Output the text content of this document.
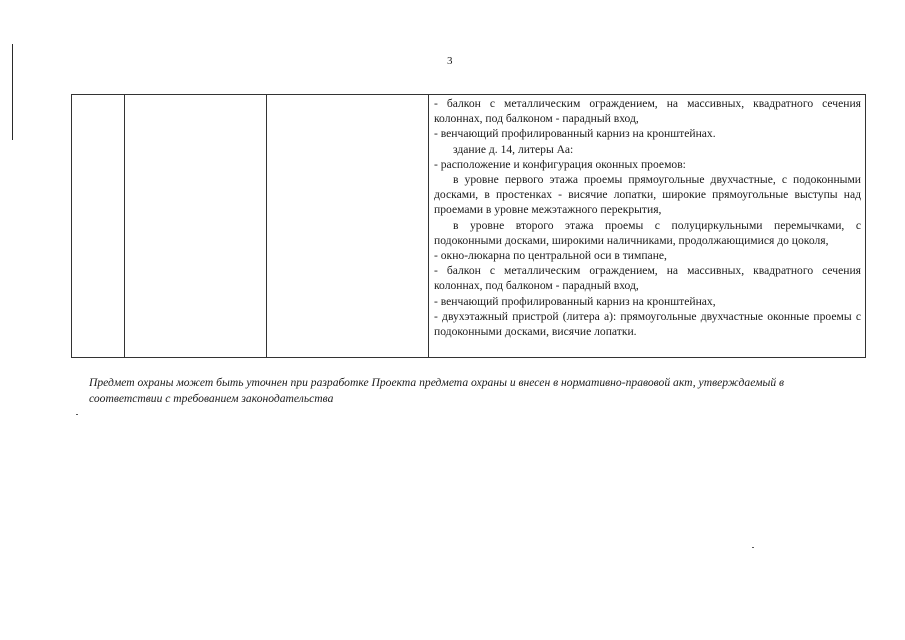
3

- балкон с металлическим ограждением, на массивных, квадратного сечения колоннах, под балконом - парадный вход,
- венчающий профилированный карниз на кронштейнах.
здание д. 14, литеры Аа:
- расположение и конфигурация оконных проемов:
в уровне первого этажа проемы прямоугольные двухчастные, с подоконными досками, в простенках - висячие лопатки, широкие прямоугольные выступы над проемами в уровне межэтажного перекрытия,
в уровне второго этажа проемы с полуциркульными перемычками, с подоконными досками, широкими наличниками, продолжающимися до цоколя,
- окно-люкарна по центральной оси в тимпане,
- балкон с металлическим ограждением, на массивных, квадратного сечения колоннах, под балконом - парадный вход,
- венчающий профилированный карниз на кронштейнах,
- двухэтажный пристрой (литера а): прямоугольные двухчастные оконные проемы с подоконными досками, висячие лопатки.
Предмет охраны может быть уточнен при разработке Проекта предмета охраны и внесен в нормативно-правовой акт, утверждаемый в соответствии с требованием законодательства
